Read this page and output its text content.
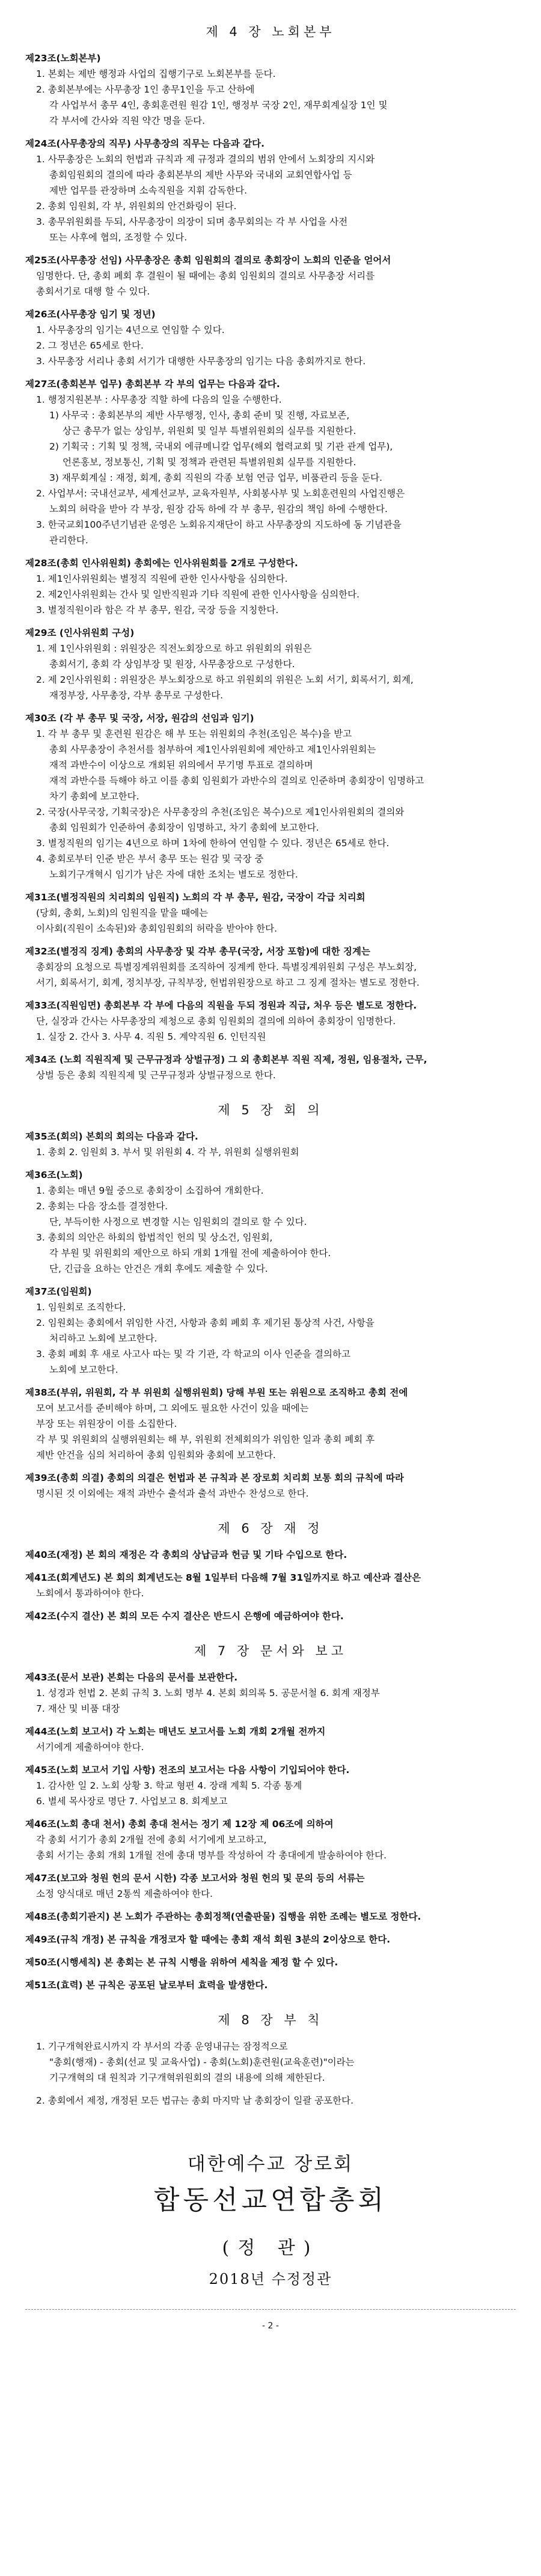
제 4 장 노회본부

제23조(노회본부)

1. 본회는 제반 행정과 사업의 집행기구로 노회본부를 둔다.

2. 총회본부에는 사무총장 1인 총무1인을 두고 산하에

각 사업부서 총무 4인, 총회훈련원 원감 1인, 행정부 국장 2인, 재무회계실장 1인 및

각 부서에 간사와 직원 약간 명을 둔다.

제24조(사무총장의 직무) 사무총장의 직무는 다음과 같다.

1. 사무총장은 노회의 헌법과 규칙과 제 규정과 결의의 범위 안에서 노회장의 지시와

총회임원회의 결의에 따라 총회본부의 제반 사무와 국내외 교회연합사업 등

제반 업무를 관장하며 소속직원을 지휘 감독한다.

2. 총회 임원회, 각 부, 위원회의 안건화링이 된다.

3. 총무위원회를 두되, 사무총장이 의장이 되며 총무회의는 각 부 사업을 사전

또는 사후에 협의, 조정할 수 있다.

제25조(사무총장 선임) 사무총장은 총회 임원회의 결의로 총회장이 노회의 인준을 얻어서

임명한다. 단, 총회 폐회 후 결원이 될 때에는 총회 임원회의 결의로 사무총장 서리를

총회서기로 대행 할 수 있다.

제26조(사무총장 임기 및 정년)

1. 사무총장의 임기는 4년으로 연임할 수 있다.

2. 그 정년은 65세로 한다.

3. 사무총장 서리나 총회 서기가 대행한 사무총장의 임기는 다음 총회까지로 한다.

제27조(총회본부 업무) 총회본부 각 부의 업무는 다음과 같다.

1. 행정지원본부 : 사무총장 직할 하에 다음의 일을 수행한다.

1) 사무국 : 총회본부의 제반 사무행정, 인사, 총회 준비 및 진행, 자료보존,

상근 총무가 없는 상임부, 위원회 및 일부 특별위원회의 실무를 지원한다.

2) 기획국 : 기획 및 정책, 국내외 에큐메니칼 업무(해외 협력교회 및 기관 관계 업무),

언론홍보, 정보통신, 기획 및 정책과 관련된 특별위원회 실무를 지원한다.

3) 재무회계실 : 재정, 회계, 총회 직원의 각종 보험 연금 업무, 비품관리 등을 둔다.

2. 사업부서: 국내선교부, 세계선교부, 교육자원부, 사회봉사부 및 노회훈련원의 사업진행은

노회의 허락을 받아 각 부장, 원장 감독 하에 각 부 총무, 원감의 책임 하에 수행한다.

3. 한국교회100주년기념관 운영은 노회유지재단이 하고 사무총장의 지도하에 동 기념관을

관리한다.

제28조(총회 인사위원회) 총회에는 인사위원회를 2개로 구성한다.

1. 제1인사위원회는 별정직 직원에 관한 인사사항을 심의한다.

2. 제2인사위원회는 간사 및 일반직원과 기타 직원에 관한 인사사항을 심의한다.

3. 별정직원이라 함은 각 부 총무, 원감, 국장 등을 지칭한다.

제29조 (인사위원회 구성)

1. 제 1인사위원회 : 위원장은 직전노회장으로 하고 위원회의 위원은

총회서기, 총회 각 상임부장 및 원장, 사무총장으로 구성한다.

2. 제 2인사위원회 : 위원장은 부노회장으로 하고 위원회의 위원은 노회 서기, 회록서기, 회계,

재정부장, 사무총장, 각부 총무로 구성한다.

제30조 (각 부 총무 및 국장, 서장, 원감의 선임과 임기)

1. 각 부 총무 및 훈련원 원감은 해 부 또는 위원회의 추천(조임은 복수)을 받고

총회 사무총장이 추천서를 첨부하여 제1인사위원회에 제안하고 제1인사위원회는

재적 과반수이 이상으로 개회된 위의에서 무기명 투표로 결의하며

재적 과반수를 득해야 하고 이를 총회 임원회가 과반수의 결의로 인준하며 총회장이 임명하고

차기 총회에 보고한다.

2. 국장(사무국장, 기획국장)은 사무총장의 추천(조임은 복수)으로 제1인사위원회의 결의와

총회 임원회가 인준하여 총회장이 임명하고, 차기 총회에 보고한다.

3. 별정직원의 임기는 4년으로 하며 1차에 한하여 연임할 수 있다. 정년은 65세로 한다.

4. 총회로부터 인준 받은 부서 총무 또는 원감 및 국장 중

노회기구개혁시 임기가 남은 자에 대한 조치는 별도로 정한다.

제31조(별정직원의 치리회의 임원직) 노회의 각 부 총무, 원감, 국장이 각급 치리회

(당회, 총회, 노회)의 임원직을 맡을 때에는

이사회(직원이 소속된)와 총회임원회의 허락을 받아야 한다.

제32조(별정직 징계) 총회의 사무총장 및 각부 총무(국장, 서장 포함)에 대한 징계는

총회장의 요청으로 특별징계위원회를 조직하여 징계케 한다. 특별징계위원회 구성은 부노회장,

서기, 회록서기, 회계, 정치부장, 규칙부장, 헌법위원장으로 하고 그 징계 절차는 별도로 정한다.

제33조(직원임면) 총회본부 각 부에 다음의 직원을 두되 정원과 직급, 처우 등은 별도로 정한다.

단, 실장과 간사는 사무총장의 제청으로 총회 임원회의 결의에 의하여 총회장이 임명한다.

1. 실장 2. 간사 3. 사무 4. 직원 5. 계약직원 6. 인턴직원

제34조 (노회 직원직제 및 근무규정과 상벌규정) 그 외 총회본부 직원 직제, 정원, 임용절차, 근무,

상벌 등은 총회 직원직제 및 근무규정과 상벌규정으로 한다.

제 5 장 회 의

제35조(회의) 본회의 회의는 다음과 같다.

1. 총회 2. 임원회 3. 부서 및 위원회 4. 각 부, 위원회 실행위원회

제36조(노회)

1. 총회는 매년 9월 중으로 총회장이 소집하여 개회한다.

2. 총회는 다음 장소를 결정한다.

단, 부득이한 사정으로 변경할 시는 임원회의 결의로 할 수 있다.

3. 총회의 의안은 하회의 합법적인 헌의 및 상소건, 임원회,

각 부원 및 위원회의 제안으로 하되 개회 1개월 전에 제출하여야 한다.

단, 긴급을 요하는 안건은 개회 후에도 제출할 수 있다.

제37조(임원회)

1. 임원회로 조직한다.

2. 임원회는 총회에서 위임한 사건, 사항과 총회 폐회 후 제기된 통상적 사건, 사항을

처리하고 노회에 보고한다.

3. 총회 폐회 후 새로 사고사 따는 및 각 기관, 각 학교의 이사 인준을 결의하고

노회에 보고한다.

제38조(부위, 위원회, 각 부 위원회 실행위원회) 당해 부원 또는 위원으로 조직하고 총회 전에

모여 보고서를 준비해야 하며, 그 외에도 필요한 사건이 있을 때에는

부장 또는 위원장이 이를 소집한다.

각 부 및 위원회의 실행위원회는 해 부, 위원회 전체회의가 위임한 일과 총회 폐회 후

제반 안건을 심의 처리하여 총회 임원회와 총회에 보고한다.

제39조(총회 의결) 총회의 의결은 헌법과 본 규칙과 본 장로회 치리회 보통 회의 규칙에 따라

명시된 것 이외에는 재적 과반수 출석과 출석 과반수 찬성으로 한다.

제 6 장 재 정

제40조(재정) 본 회의 재정은 각 총회의 상납금과 헌금 및 기타 수입으로 한다.

제41조(회계년도) 본 회의 회계년도는 8월 1일부터 다음해 7월 31일까지로 하고 예산과 결산은

노회에서 통과하여야 한다.

제42조(수지 결산) 본 회의 모든 수지 결산은 반드시 은행에 예금하여야 한다.

제 7 장 문서와 보고

제43조(문서 보관) 본회는 다음의 문서를 보관한다.

1. 성경과 헌법 2. 본회 규칙 3. 노회 명부 4. 본회 회의록 5. 공문서철 6. 회계 재정부

7. 재산 및 비품 대장

제44조(노회 보고서) 각 노회는 매년도 보고서를 노회 개회 2개월 전까지

서기에게 제출하여야 한다.

제45조(노회 보고서 기입 사항) 전조의 보고서는 다음 사항이 기입되어야 한다.

1. 감사한 일 2. 노회 상황 3. 학교 형편 4. 장래 계획 5. 각종 통계

6. 별세 목사장로 명단 7. 사업보고 8. 회계보고

제46조(노회 총대 천서) 총회 총대 천서는 정기 제 12장 제 06조에 의하여

각 총회 서기가 총회 2개월 전에 총회 서기에게 보고하고,

총회 서기는 총회 개회 1개월 전에 총대 명부를 작성하여 각 총대에게 발송하여야 한다.

제47조(보고와 청원 헌의 문서 시한) 각종 보고서와 청원 헌의 및 문의 등의 서류는

소정 양식대로 매년 2통씩 제출하여야 한다.

제48조(총회기관지) 본 노회가 주관하는 총회정책(연출판물) 집행을 위한 조례는 별도로 정한다.

제49조(규칙 개정) 본 규칙을 개정코자 할 때에는 총회 재석 회원 3분의 2이상으로 한다.

제50조(시행세칙) 본 총회는 본 규칙 시행을 위하여 세칙을 제정 할 수 있다.

제51조(효력) 본 규칙은 공포된 날로부터 효력을 발생한다.

제 8 장 부 칙

1. 기구개혁완료시까지 각 부서의 각종 운영내규는 잠정적으로

"총회(행재) - 총회(선교 및 교육사업) - 총회(노회)훈련원(교육훈련)"이라는

기구개혁의 대 원칙과 기구개혁위원회의 결의 내용에 의해 제한된다.

2. 총회에서 제정, 개정된 모든 법규는 총회 마지막 날 총회장이 일괄 공포한다.

대한예수교 장로회
합동선교연합총회
(정 관)
2018년 수정정관
- 2 -
